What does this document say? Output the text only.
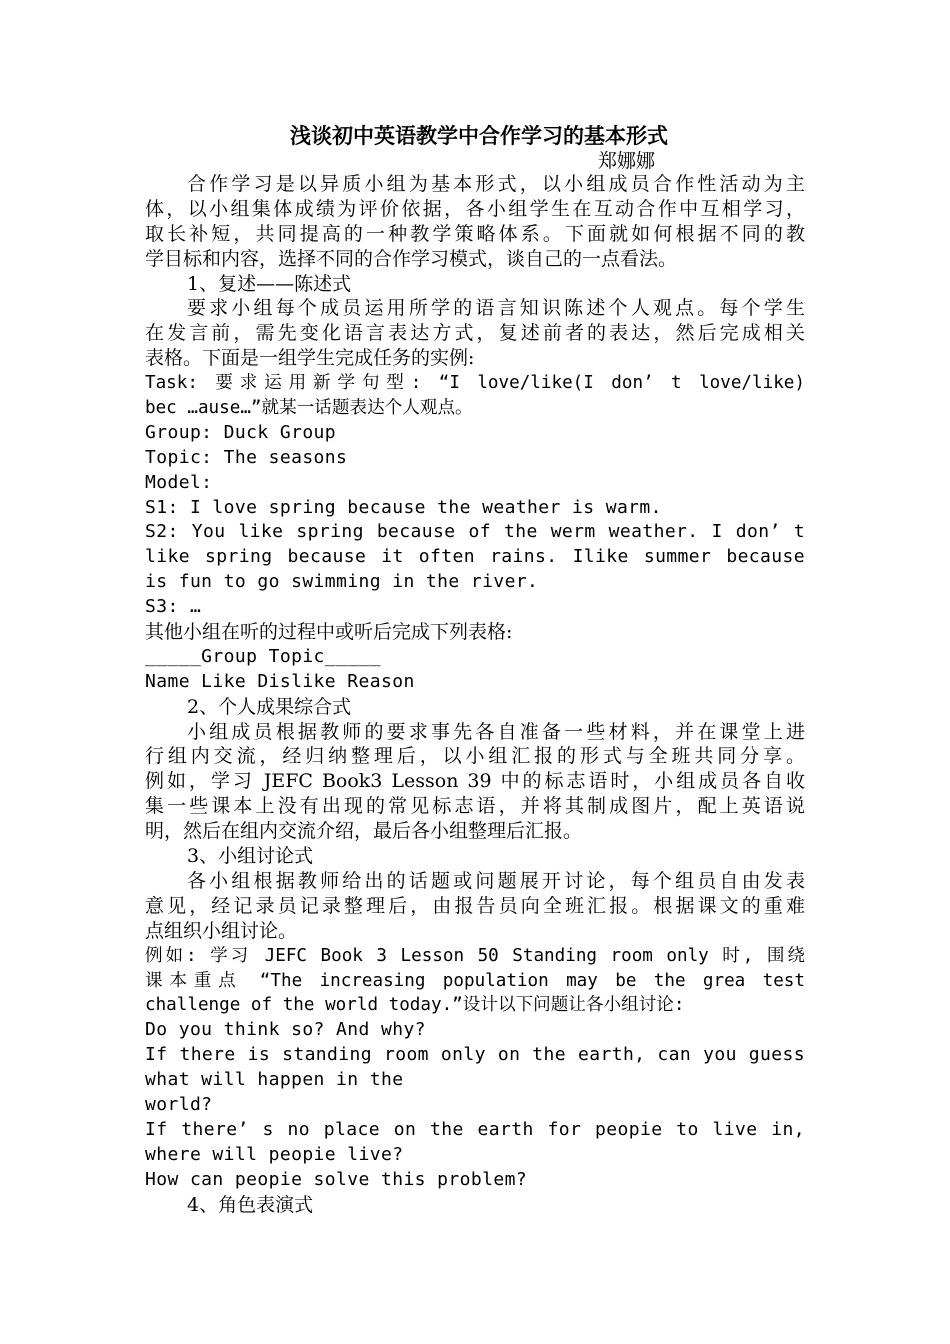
浅谈初中英语教学中合作学习的基本形式
郑娜娜
合作学习是以异质小组为基本形式，以小组成员合作性活动为主
体，以小组集体成绩为评价依据，各小组学生在互动合作中互相学习，
取长补短，共同提高的一种教学策略体系。下面就如何根据不同的教
学目标和内容，选择不同的合作学习模式，谈自己的一点看法。
1、复述——陈述式
要求小组每个成员运用所学的语言知识陈述个人观点。每个学生
在发言前，需先变化语言表达方式，复述前者的表达，然后完成相关
表格。下面是一组学生完成任务的实例:
Task: 要求运用新学句型: “I love/like(I don’ t love/like)
bec …ause…”就某一话题表达个人观点。
Group: Duck Group
Topic: The seasons
Model:
S1: I love spring because the weather is warm.
S2: You like spring because of the werm weather. I don’ t
like spring because it often rains. Ilike summer because
is fun to go swimming in the river.
S3: …
其他小组在听的过程中或听后完成下列表格:
_____Group Topic_____
Name Like Dislike Reason
2、个人成果综合式
小组成员根据教师的要求事先各自准备一些材料，并在课堂上进
行组内交流，经归纳整理后，以小组汇报的形式与全班共同分享。
例如，学习 JEFC Book3 Lesson 39 中的标志语时，小组成员各自收
集一些课本上没有出现的常见标志语，并将其制成图片，配上英语说
明，然后在组内交流介绍，最后各小组整理后汇报。
3、小组讨论式
各小组根据教师给出的话题或问题展开讨论，每个组员自由发表
意见，经记录员记录整理后，由报告员向全班汇报。根据课文的重难
点组织小组讨论。
例如: 学习 JEFC Book 3 Lesson 50 Standing room only 时, 围绕
课本重点 “The increasing population may be the grea test
challenge of the world today.”设计以下问题让各小组讨论:
Do you think so? And why?
If there is standing room only on the earth, can you guess
what will happen in the
world?
If there’ s no place on the earth for peopie to live in,
where will peopie live?
How can peopie solve this problem?
4、角色表演式
